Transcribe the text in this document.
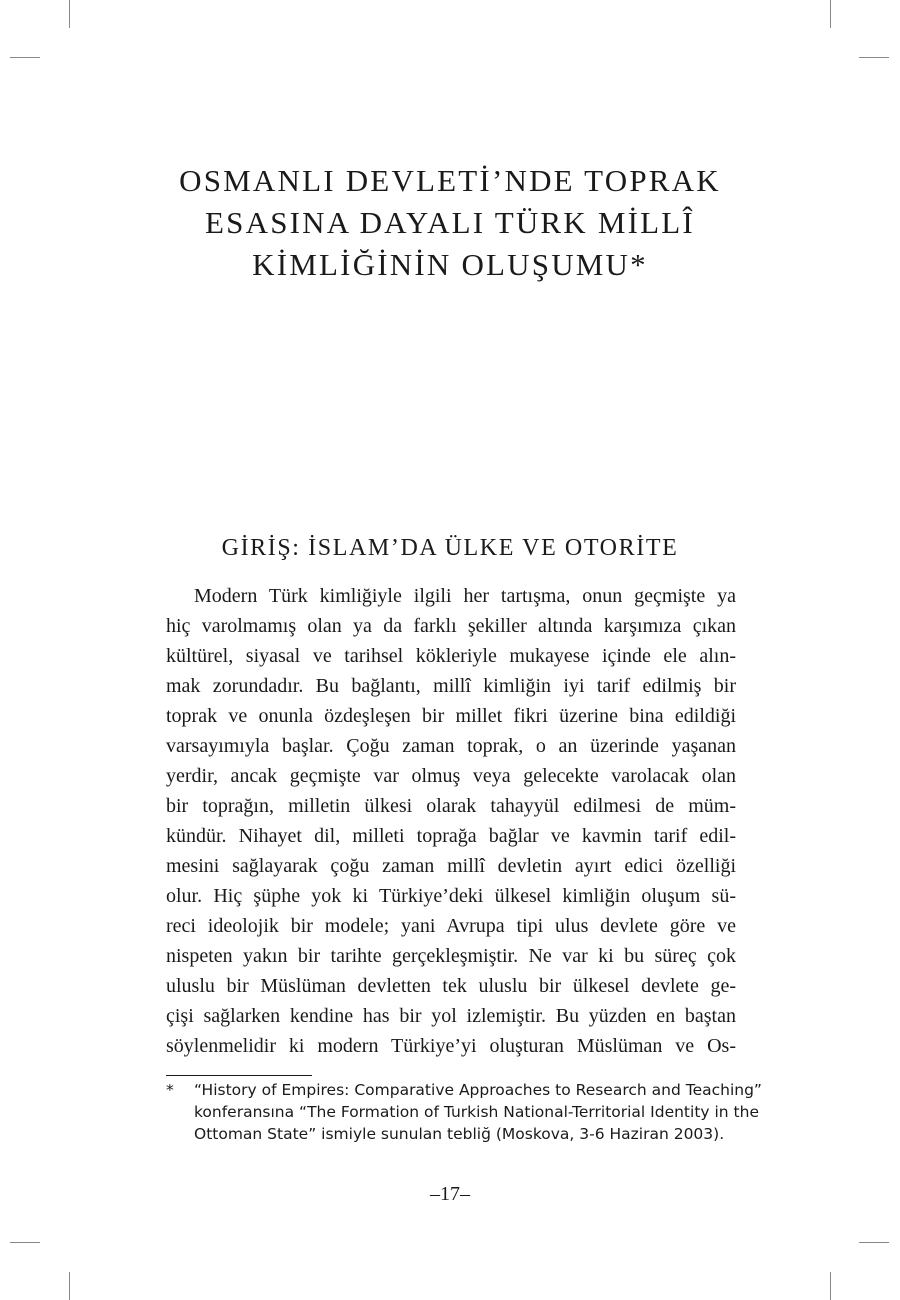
OSMANLI DEVLETİ’NDE TOPRAK
ESASINA DAYALI TÜRK MİLLÎ
KİMLİĞİNİN OLUŞUMU*
GİRİŞ: İSLAM’DA ÜLKE VE OTORİTE

Modern Türk kimliğiyle ilgili her tartışma, onun geçmişte ya
hiç varolmamış olan ya da farklı şekiller altında karşımıza çıkan
kültürel, siyasal ve tarihsel kökleriyle mukayese içinde ele alın-
mak zorundadır. Bu bağlantı, millî kimliğin iyi tarif edilmiş bir
toprak ve onunla özdeşleşen bir millet fikri üzerine bina edildiği
varsayımıyla başlar. Çoğu zaman toprak, o an üzerinde yaşanan
yerdir, ancak geçmişte var olmuş veya gelecekte varolacak olan
bir toprağın, milletin ülkesi olarak tahayyül edilmesi de müm-
kündür. Nihayet dil, milleti toprağa bağlar ve kavmin tarif edil-
mesini sağlayarak çoğu zaman millî devletin ayırt edici özelliği
olur. Hiç şüphe yok ki Türkiye’deki ülkesel kimliğin oluşum sü-
reci ideolojik bir modele; yani Avrupa tipi ulus devlete göre ve
nispeten yakın bir tarihte gerçekleşmiştir. Ne var ki bu süreç çok
uluslu bir Müslüman devletten tek uluslu bir ülkesel devlete ge-
çişi sağlarken kendine has bir yol izlemiştir. Bu yüzden en baştan
söylenmelidir ki modern Türkiye’yi oluşturan Müslüman ve Os-

* “History of Empires: Comparative Approaches to Research and Teaching”
konferansına “The Formation of Turkish National-Territorial Identity in the
Ottoman State” ismiyle sunulan tebliğ (Moskova, 3-6 Haziran 2003).
–17–
